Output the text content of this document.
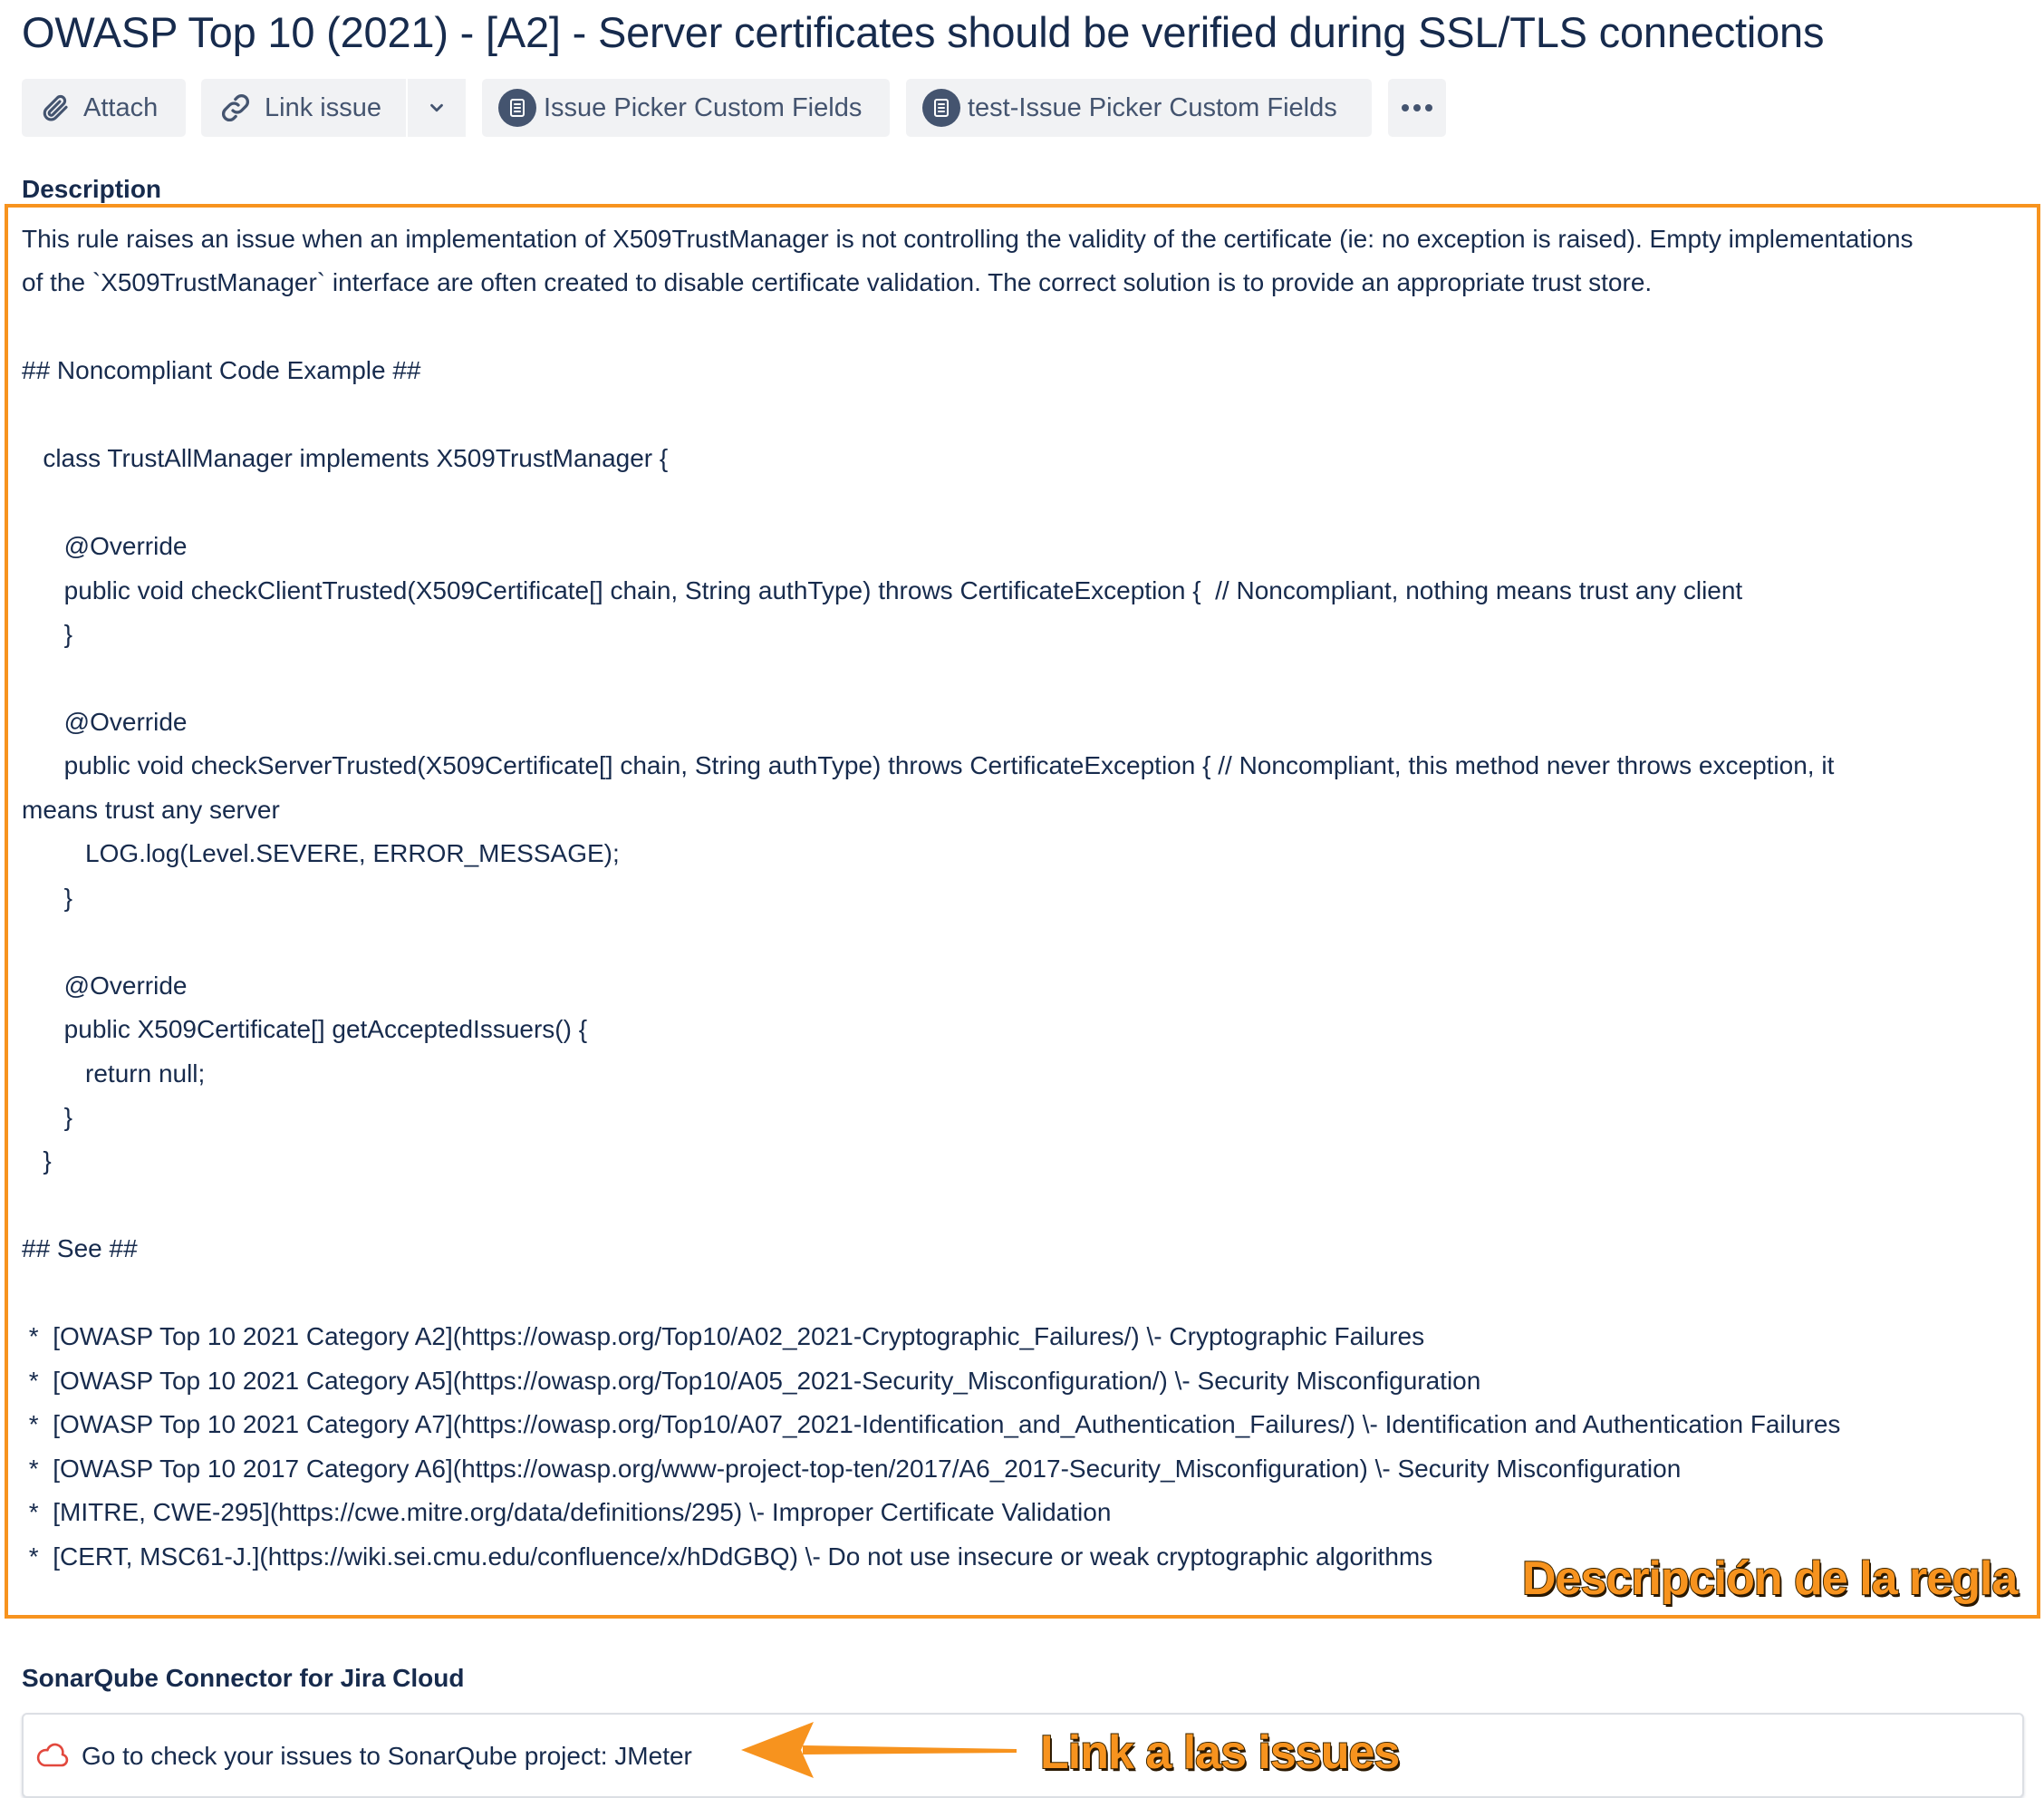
OWASP Top 10 (2021) - [A2] - Server certificates should be verified during SSL/TLS connections
Attach	Link issue	Issue Picker Custom Fields	test-Issue Picker Custom Fields
Description

This rule raises an issue when an implementation of X509TrustManager is not controlling the validity of the certificate (ie: no exception is raised). Empty implementations

of the `X509TrustManager` interface are often created to disable certificate validation. The correct solution is to provide an appropriate trust store.

## Noncompliant Code Example ##

class TrustAllManager implements X509TrustManager {

@Override

public void checkClientTrusted(X509Certificate[] chain, String authType) throws CertificateException {  // Noncompliant, nothing means trust any client

}

@Override

public void checkServerTrusted(X509Certificate[] chain, String authType) throws CertificateException { // Noncompliant, this method never throws exception, it

means trust any server

LOG.log(Level.SEVERE, ERROR_MESSAGE);

}

@Override

public X509Certificate[] getAcceptedIssuers() {

return null;

}

}

## See ##

*  [OWASP Top 10 2021 Category A2](https://owasp.org/Top10/A02_2021-Cryptographic_Failures/) \- Cryptographic Failures

*  [OWASP Top 10 2021 Category A5](https://owasp.org/Top10/A05_2021-Security_Misconfiguration/) \- Security Misconfiguration

*  [OWASP Top 10 2021 Category A7](https://owasp.org/Top10/A07_2021-Identification_and_Authentication_Failures/) \- Identification and Authentication Failures

*  [OWASP Top 10 2017 Category A6](https://owasp.org/www-project-top-ten/2017/A6_2017-Security_Misconfiguration) \- Security Misconfiguration

*  [MITRE, CWE-295](https://cwe.mitre.org/data/definitions/295) \- Improper Certificate Validation

*  [CERT, MSC61-J.](https://wiki.sei.cmu.edu/confluence/x/hDdGBQ) \- Do not use insecure or weak cryptographic algorithms Descripción de la regla
SonarQube Connector for Jira Cloud
Go to check your issues to SonarQube project: JMeter	Link a las issues
